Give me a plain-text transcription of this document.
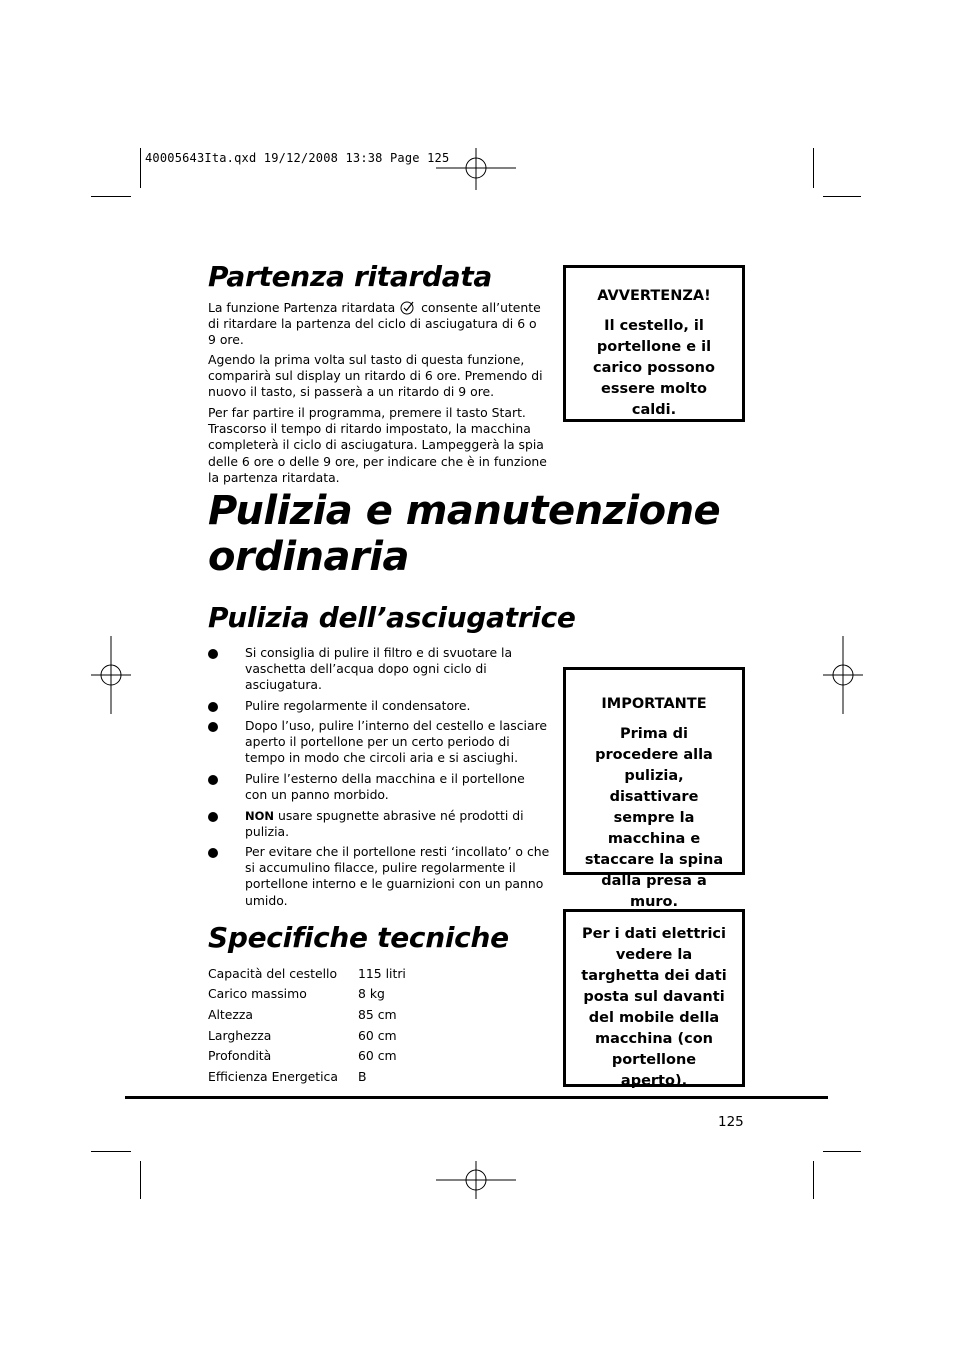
40005643Ita.qxd 19/12/2008 13:38 Page 125
Partenza ritardata

La funzione Partenza ritardata  consente all’utente di ritardare la partenza del ciclo di asciugatura di 6 o 9 ore.

Agendo la prima volta sul tasto di questa funzione, comparirà sul display un ritardo di 6 ore. Premendo di nuovo il tasto, si passerà a un ritardo di 9 ore.

Per far partire il programma, premere il tasto Start. Trascorso il tempo di ritardo impostato, la macchina completerà il ciclo di asciugatura. Lampeggerà la spia delle 6 ore o delle 9 ore, per indicare che è in funzione la partenza ritardata.

AVVERTENZA!
Il cestello, il portellone e il carico possono essere molto caldi.
Pulizia e manutenzione ordinaria
Pulizia dell’asciugatrice
Si consiglia di pulire il filtro e di svuotare la vaschetta dell’acqua dopo ogni ciclo di asciugatura.
Pulire regolarmente il condensatore.
Dopo l’uso, pulire l’interno del cestello e lasciare aperto il portellone per un certo periodo di tempo in modo che circoli aria e si asciughi.
Pulire l’esterno della macchina e il portellone con un panno morbido.
NON usare spugnette abrasive né prodotti di pulizia.
Per evitare che il portellone resti ‘incollato’ o che si accumulino filacce, pulire regolarmente il portellone interno e le guarnizioni con un panno umido.
IMPORTANTE
Prima di procedere alla pulizia, disattivare sempre la macchina e staccare la spina dalla presa a muro.
Specifiche tecniche
Capacità del cestello 115 litri
Carico massimo	8 kg
Altezza	85 cm
Larghezza	60 cm
Profondità	60 cm
Efficienza Energetica B
Per i dati elettrici vedere la targhetta dei dati posta sul davanti del mobile della macchina (con portellone aperto).
125
